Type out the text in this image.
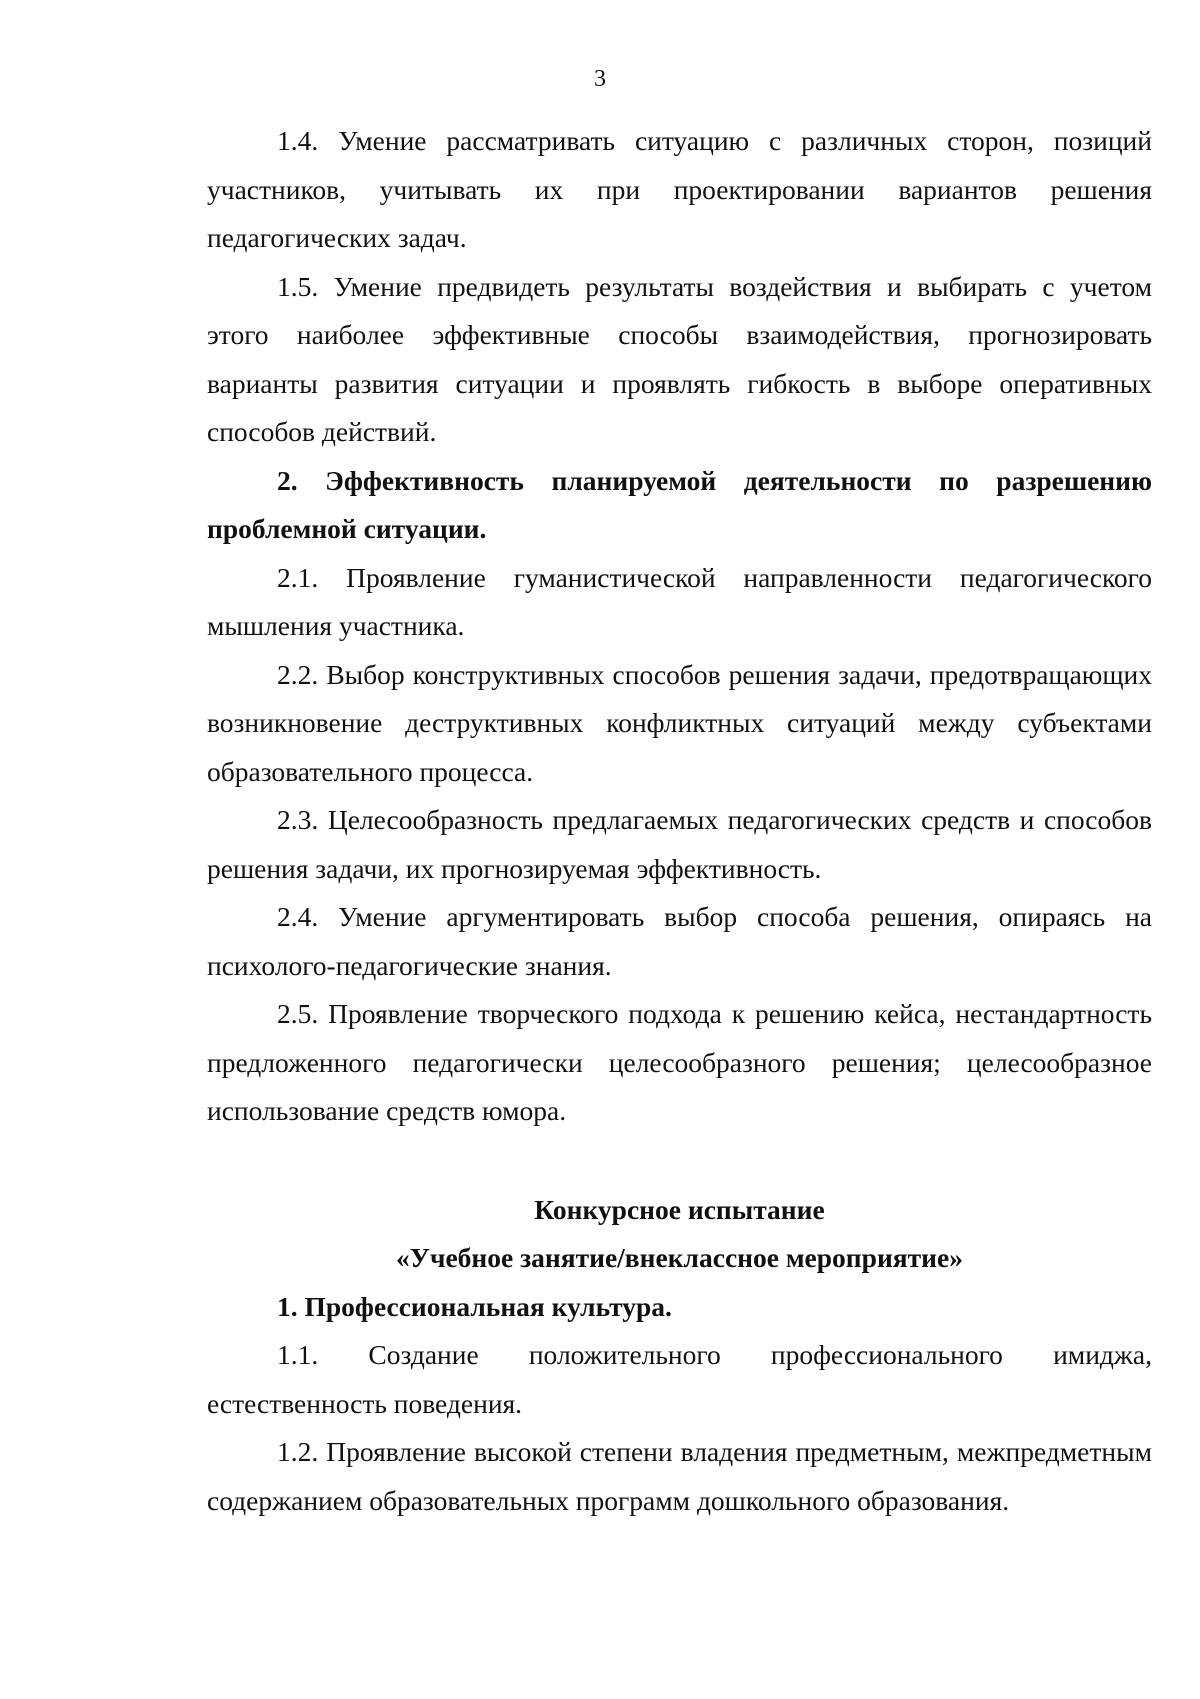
3

1.4. Умение рассматривать ситуацию с различных сторон, позиций участников, учитывать их при проектировании вариантов решения педагогических задач.

1.5. Умение предвидеть результаты воздействия и выбирать с учетом этого наиболее эффективные способы взаимодействия, прогнозировать варианты развития ситуации и проявлять гибкость в выборе оперативных способов действий.

2. Эффективность планируемой деятельности по разрешению проблемной ситуации.

2.1. Проявление гуманистической направленности педагогического мышления участника.

2.2. Выбор конструктивных способов решения задачи, предотвращающих возникновение деструктивных конфликтных ситуаций между субъектами образовательного процесса.

2.3. Целесообразность предлагаемых педагогических средств и способов решения задачи, их прогнозируемая эффективность.

2.4. Умение аргументировать выбор способа решения, опираясь на психолого-педагогические знания.

2.5. Проявление творческого подхода к решению кейса, нестандартность предложенного педагогически целесообразного решения; целесообразное использование средств юмора.

Конкурсное испытание

«Учебное занятие/внеклассное мероприятие»

1. Профессиональная культура.

1.1. Создание положительного профессионального имиджа, естественность поведения.

1.2. Проявление высокой степени владения предметным, межпредметным содержанием образовательных программ дошкольного образования.
